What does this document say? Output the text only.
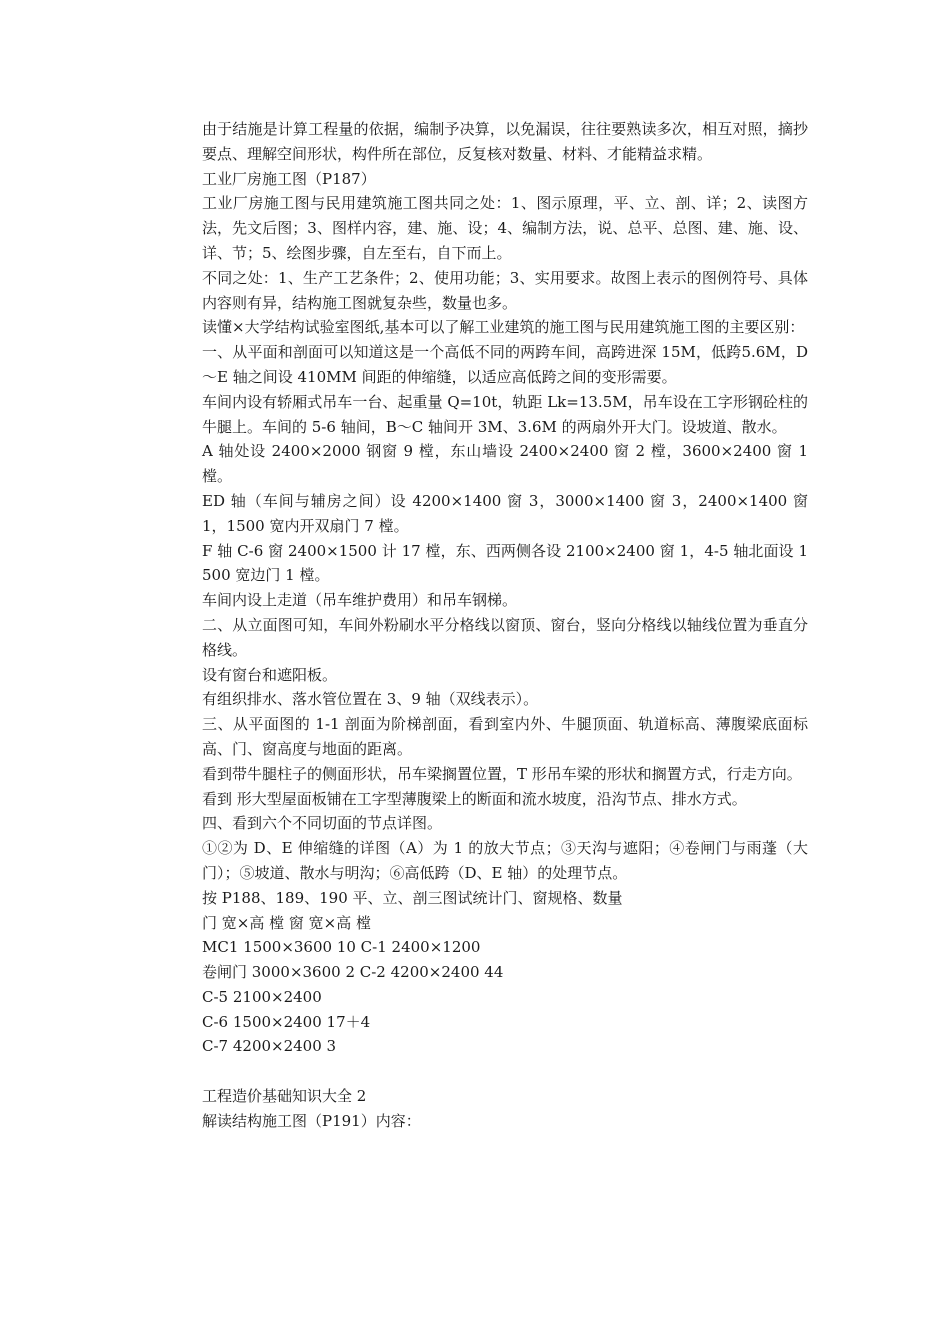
由于结施是计算工程量的依据，编制予决算，以免漏误，往往要熟读多次，相互对照，摘抄要点、理解空间形状，构件所在部位，反复核对数量、材料、才能精益求精。

工业厂房施工图（P187）

工业厂房施工图与民用建筑施工图共同之处：1、图示原理，平、立、剖、详；2、读图方法，先文后图；3、图样内容，建、施、设；4、编制方法，说、总平、总图、建、施、设、详、节；5、绘图步骤，自左至右，自下而上。

不同之处：1、生产工艺条件；2、使用功能；3、实用要求。故图上表示的图例符号、具体内容则有异，结构施工图就复杂些，数量也多。

读懂×大学结构试验室图纸,基本可以了解工业建筑的施工图与民用建筑施工图的主要区别：

一、从平面和剖面可以知道这是一个高低不同的两跨车间，高跨进深 15M，低跨5.6M，D～E 轴之间设 410MM 间距的伸缩缝，以适应高低跨之间的变形需要。

车间内设有轿厢式吊车一台、起重量 Q=10t，轨距 Lk=13.5M，吊车设在工字形钢砼柱的牛腿上。车间的 5-6 轴间，B～C 轴间开 3M、3.6M 的两扇外开大门。设坡道、散水。

A 轴处设 2400×2000 钢窗 9 樘，东山墙设 2400×2400 窗 2 樘，3600×2400 窗 1 樘。

ED 轴（车间与辅房之间）设 4200×1400 窗 3，3000×1400 窗 3，2400×1400 窗 1，1500 宽内开双扇门 7 樘。

F 轴 C-6 窗 2400×1500 计 17 樘，东、西两侧各设 2100×2400 窗 1，4-5 轴北面设 1500 宽边门 1 樘。

车间内设上走道（吊车维护费用）和吊车钢梯。

二、从立面图可知，车间外粉刷水平分格线以窗顶、窗台，竖向分格线以轴线位置为垂直分格线。

设有窗台和遮阳板。

有组织排水、落水管位置在 3、9 轴（双线表示）。

三、从平面图的 1-1 剖面为阶梯剖面，看到室内外、牛腿顶面、轨道标高、薄腹梁底面标高、门、窗高度与地面的距离。

看到带牛腿柱子的侧面形状，吊车梁搁置位置，T 形吊车梁的形状和搁置方式，行走方向。

看到 形大型屋面板铺在工字型薄腹梁上的断面和流水坡度，沿沟节点、排水方式。

四、看到六个不同切面的节点详图。

①②为 D、E 伸缩缝的详图（A）为 1 的放大节点；③天沟与遮阳；④卷闸门与雨蓬（大门）；⑤坡道、散水与明沟；⑥高低跨（D、E 轴）的处理节点。

按 P188、189、190 平、立、剖三图试统计门、窗规格、数量

门 宽×高 樘 窗 宽×高 樘

MC1 1500×3600 10 C-1 2400×1200

卷闸门 3000×3600 2 C-2 4200×2400 44

C-5 2100×2400

C-6 1500×2400 17＋4

C-7 4200×2400 3

工程造价基础知识大全 2

解读结构施工图（P191）内容：
